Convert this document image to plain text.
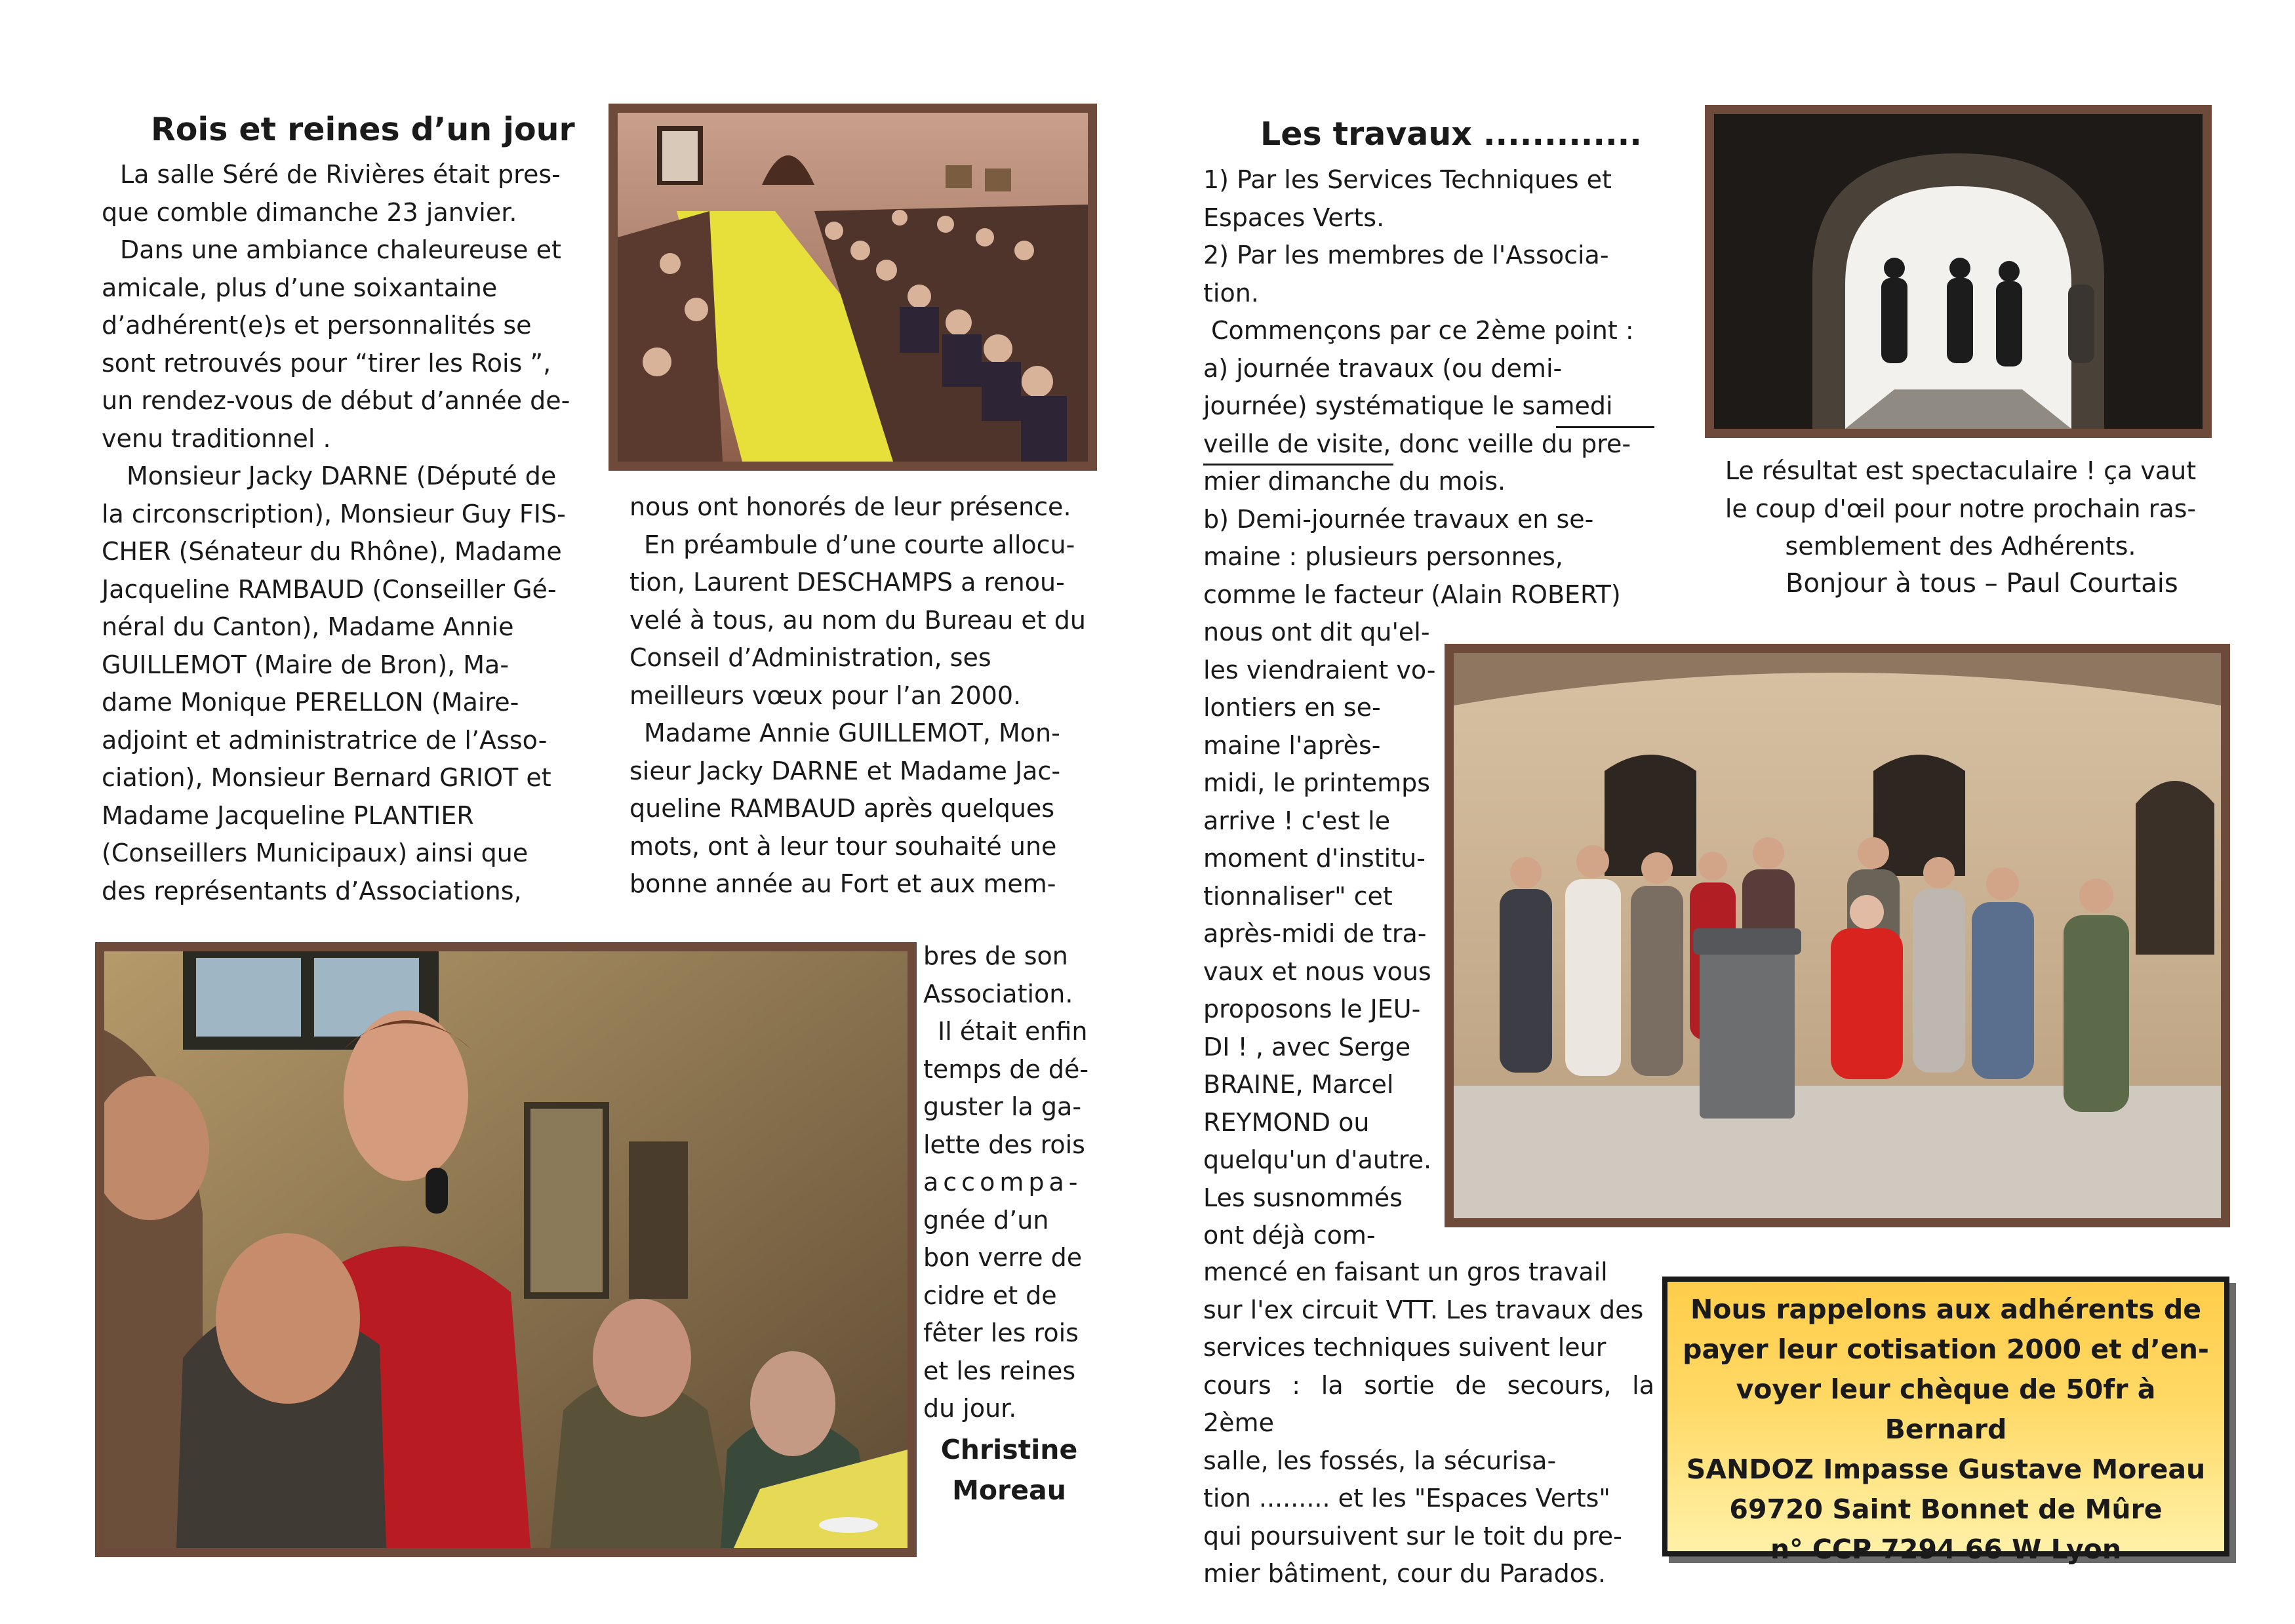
Rois et reines d’un jour

La salle Séré de Rivières était pres-

que comble dimanche 23 janvier.

Dans une ambiance chaleureuse et

amicale, plus d’une soixantaine

d’adhérent(e)s et personnalités se

sont retrouvés pour “tirer les Rois ”,

un rendez-vous de début d’année de-

venu traditionnel .

Monsieur Jacky DARNE (Député de

la circonscription), Monsieur Guy FIS-

CHER (Sénateur du Rhône), Madame

Jacqueline RAMBAUD (Conseiller Gé-

néral du Canton), Madame Annie

GUILLEMOT (Maire de Bron), Ma-

dame Monique PERELLON (Maire-

adjoint et administratrice de l’Asso-

ciation), Monsieur Bernard GRIOT et

Madame Jacqueline PLANTIER

(Conseillers Municipaux) ainsi que

des représentants d’Associations,

nous ont honorés de leur présence.

En préambule d’une courte allocu-

tion, Laurent DESCHAMPS a renou-

velé à tous, au nom du Bureau et du

Conseil d’Administration, ses

meilleurs vœux pour l’an 2000.

Madame Annie GUILLEMOT, Mon-

sieur Jacky DARNE et Madame Jac-

queline RAMBAUD après quelques

mots, ont à leur tour souhaité une

bonne année au Fort et aux mem-

bres de son

Association.

Il était enfin

temps de dé-

guster la ga-

lette des rois

accompa-

gnée d’un

bon verre de

cidre et de

fêter les rois

et les reines

du jour.

Christine
Moreau
Les travaux .............

1) Par les Services Techniques et

Espaces Verts.

2) Par les membres de l'Associa-

tion.

Commençons par ce 2ème point :

a) journée travaux (ou demi-

journée) systématique le samedi

veille de visite, donc veille du pre-

mier dimanche du mois.

b) Demi-journée travaux en se-

maine : plusieurs personnes,

comme le facteur (Alain ROBERT)

Le résultat est spectaculaire ! ça vaut

le coup d'œil pour notre prochain ras-

semblement des Adhérents.

Bonjour à tous – Paul Courtais

nous ont dit qu'el-

les viendraient vo-

lontiers en se-

maine l'après-

midi, le printemps

arrive ! c'est le

moment d'institu-

tionnaliser" cet

après-midi de tra-

vaux et nous vous

proposons le JEU-

DI ! , avec Serge

BRAINE, Marcel

REYMOND ou

quelqu'un d'autre.

Les susnommés

ont déjà com-

mencé en faisant un gros travail

sur l'ex circuit VTT. Les travaux des

services techniques suivent leur

cours : la sortie de secours, la 2ème

salle, les fossés, la sécurisa-

tion ......... et les "Espaces Verts"

qui poursuivent sur le toit du pre-

mier bâtiment, cour du Parados.

Nous rappelons aux adhérents de

payer leur cotisation 2000 et d’en-

voyer leur chèque de 50fr à Bernard

SANDOZ Impasse Gustave Moreau

69720 Saint Bonnet de Mûre

n° CCP 7294 66 W Lyon
